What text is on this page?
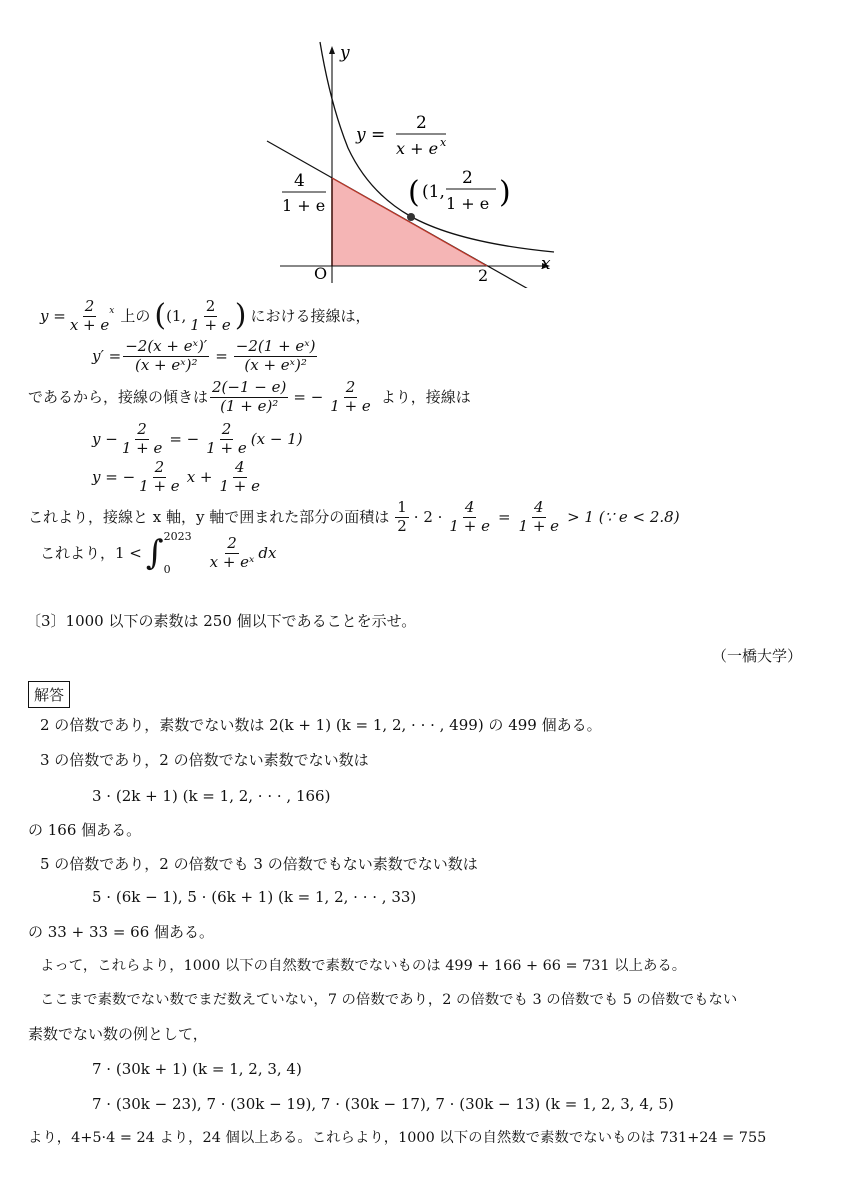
y
x
O	2
y =
2
x + e x
4
1 + e	( (1,
2
1 + e )
$y = \frac{2}{x + e}$
x 上の ( (1, $\frac{2}{1 + e}$ ) における接線は，
$y' = \frac{\text{−2(x + eˣ)′}}{\text{(x + eˣ)²}} = \frac{\text{−2(1 + eˣ)}}{\text{(x + eˣ)²}}$
であるから，接線の傾きは $\frac{2(-1 - e)}{\text{(1 + e)²}}$ = − $\frac{2}{1 + e}$ より，接線は
$y - \frac{2}{1 + e}$ = − $\frac{2}{1 + e} (x - 1)$
y = − $\frac{2}{1 + e}$ $x + \frac{4}{1 + e}$
これより，接線と x 軸，y 軸で囲まれた部分の面積は $\frac{1}{2} \cdot 2 \cdot \frac{4}{1 + e} = \frac{4}{1 + e} > 1$ (∵ e < 2.8)
これより，1 < ∫ 2023
0	$\frac{2}{\text{x + eˣ}}$ dx
〔3〕1000 以下の素数は 250 個以下であることを示せ。
（一橋大学）
解答
2 の倍数であり，素数でない数は 2(k + 1) (k = 1, 2, · · · , 499) の 499 個ある。
3 の倍数であり，2 の倍数でない素数でない数は
3 · (2k + 1) (k = 1, 2, · · · , 166)
の 166 個ある。
5 の倍数であり，2 の倍数でも 3 の倍数でもない素数でない数は
5 · (6k − 1), 5 · (6k + 1) (k = 1, 2, · · · , 33)
の 33 + 33 = 66 個ある。
よって，これらより，1000 以下の自然数で素数でないものは 499 + 166 + 66 = 731 以上ある。
ここまで素数でない数でまだ数えていない，7 の倍数であり，2 の倍数でも 3 の倍数でも 5 の倍数でもない
素数でない数の例として，
7 · (30k + 1) (k = 1, 2, 3, 4)
7 · (30k − 23), 7 · (30k − 19), 7 · (30k − 17), 7 · (30k − 13) (k = 1, 2, 3, 4, 5)
より，4+5·4 = 24 より，24 個以上ある。これらより，1000 以下の自然数で素数でないものは 731+24 = 755
